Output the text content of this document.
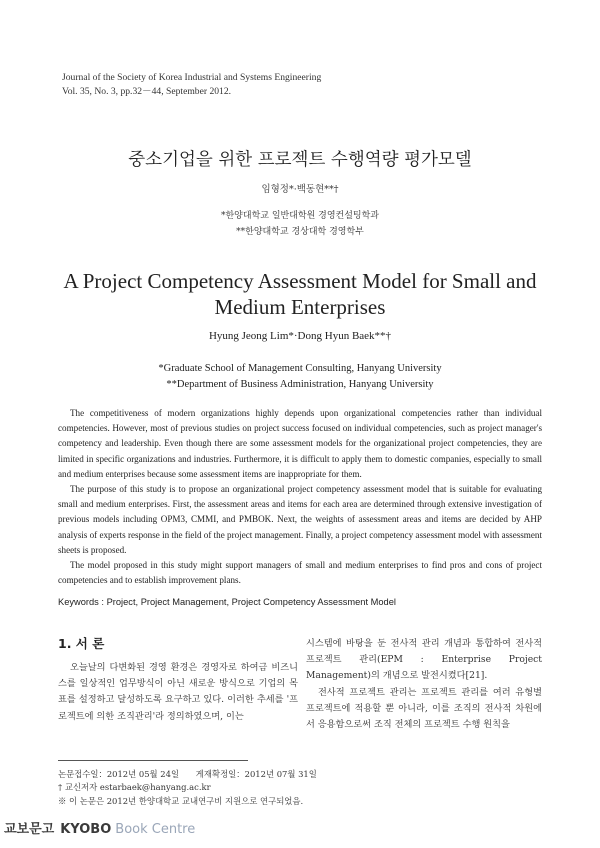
Journal of the Society of Korea Industrial and Systems Engineering
Vol. 35, No. 3, pp.32－44, September 2012.
중소기업을 위한 프로젝트 수행역량 평가모델
임형정*·백동현**†
*한양대학교 일반대학원 경영컨설팅학과
**한양대학교 경상대학 경영학부
A Project Competency Assessment Model for Small and
Medium Enterprises
Hyung Jeong Lim*·Dong Hyun Baek**†
*Graduate School of Management Consulting, Hanyang University
**Department of Business Administration, Hanyang University

The competitiveness of modern organizations highly depends upon organizational competencies rather than individual competencies. However, most of previous studies on project success focused on individual competencies, such as project manager's competency and leadership. Even though there are some assessment models for the organizational project competencies, they are limited in specific organizations and industries. Furthermore, it is difficult to apply them to domestic companies, especially to small and medium enterprises because some assessment items are inappropriate for them.

The purpose of this study is to propose an organizational project competency assessment model that is suitable for evaluating small and medium enterprises. First, the assessment areas and items for each area are determined through extensive investigation of previous models including OPM3, CMMI, and PMBOK. Next, the weights of assessment areas and items are decided by AHP analysis of experts response in the field of the project management. Finally, a project competency assessment model with assessment sheets is proposed.

The model proposed in this study might support managers of small and medium enterprises to find pros and cons of project competencies and to establish improvement plans.

Keywords : Project, Project Management, Project Competency Assessment Model
1. 서 론

오늘날의 다변화된 경영 환경은 경영자로 하여금 비즈니스를 일상적인 업무방식이 아닌 새로운 방식으로 기업의 목표를 설정하고 달성하도록 요구하고 있다. 이러한 추세를 '프로젝트에 의한 조직관리'라 정의하였으며, 이는

시스템에 바탕을 둔 전사적 관리 개념과 통합하여 전사적 프로젝트 관리(EPM : Enterprise Project Management)의 개념으로 발전시켰다[21].

전사적 프로젝트 관리는 프로젝트 관리를 여러 유형별 프로젝트에 적용할 뿐 아니라, 이를 조직의 전사적 차원에서 응용함으로써 조직 전체의 프로젝트 수행 원칙을

논문접수일：2012년 05월 24일　　게재확정일：2012년 07월 31일
† 교신저자 estarbaek@hanyang.ac.kr
※ 이 논문은 2012년 한양대학교 교내연구비 지원으로 연구되었음.
교보문고 KYOBO Book Centre
